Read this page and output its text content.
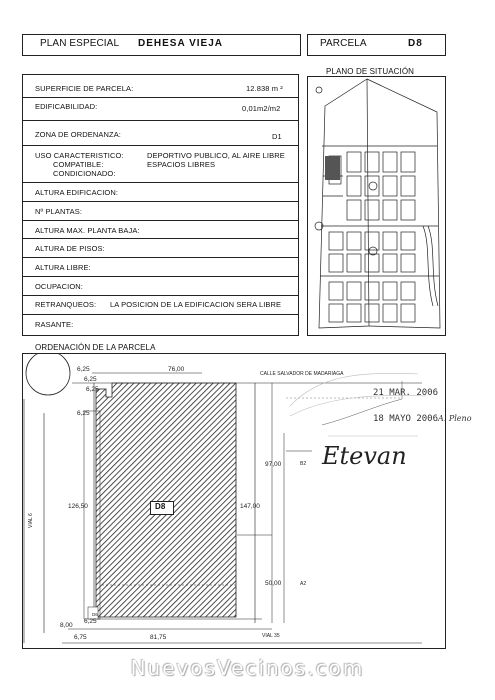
PLAN ESPECIAL DEHESA VIEJA	PARCELA	D8
SUPERFICIE DE PARCELA:	12.838 m ²
EDIFICABILIDAD:	0,01m2/m2
ZONA DE ORDENANZA:	D1
USO CARACTERISTICO:	DEPORTIVO PUBLICO, AL AIRE LIBRE
COMPATIBLE:	ESPACIOS LIBRES
CONDICIONADO:
ALTURA EDIFICACION:
Nº PLANTAS:
ALTURA MAX. PLANTA BAJA:
ALTURA DE PISOS:
ALTURA LIBRE:
OCUPACION:
RETRANQUEOS: LA POSICION DE LA EDIFICACION SERA LIBRE
RASANTE:
PLANO DE SITUACIÓN
ORDENACIÓN DE LA PARCELA
D8
CALLE SALVADOR DE MADARIAGA
VIAL 6
VIAL 35
76,00
6,25
6,25
6,25
6,25
6,25
126,50	147,00
97,00
50,00
8,00
6,75	81,75
B2
A2
D6
21 MAR. 2006
18 MAYO 2006 A. Pleno
Etevan
NuevosVecinos.com
